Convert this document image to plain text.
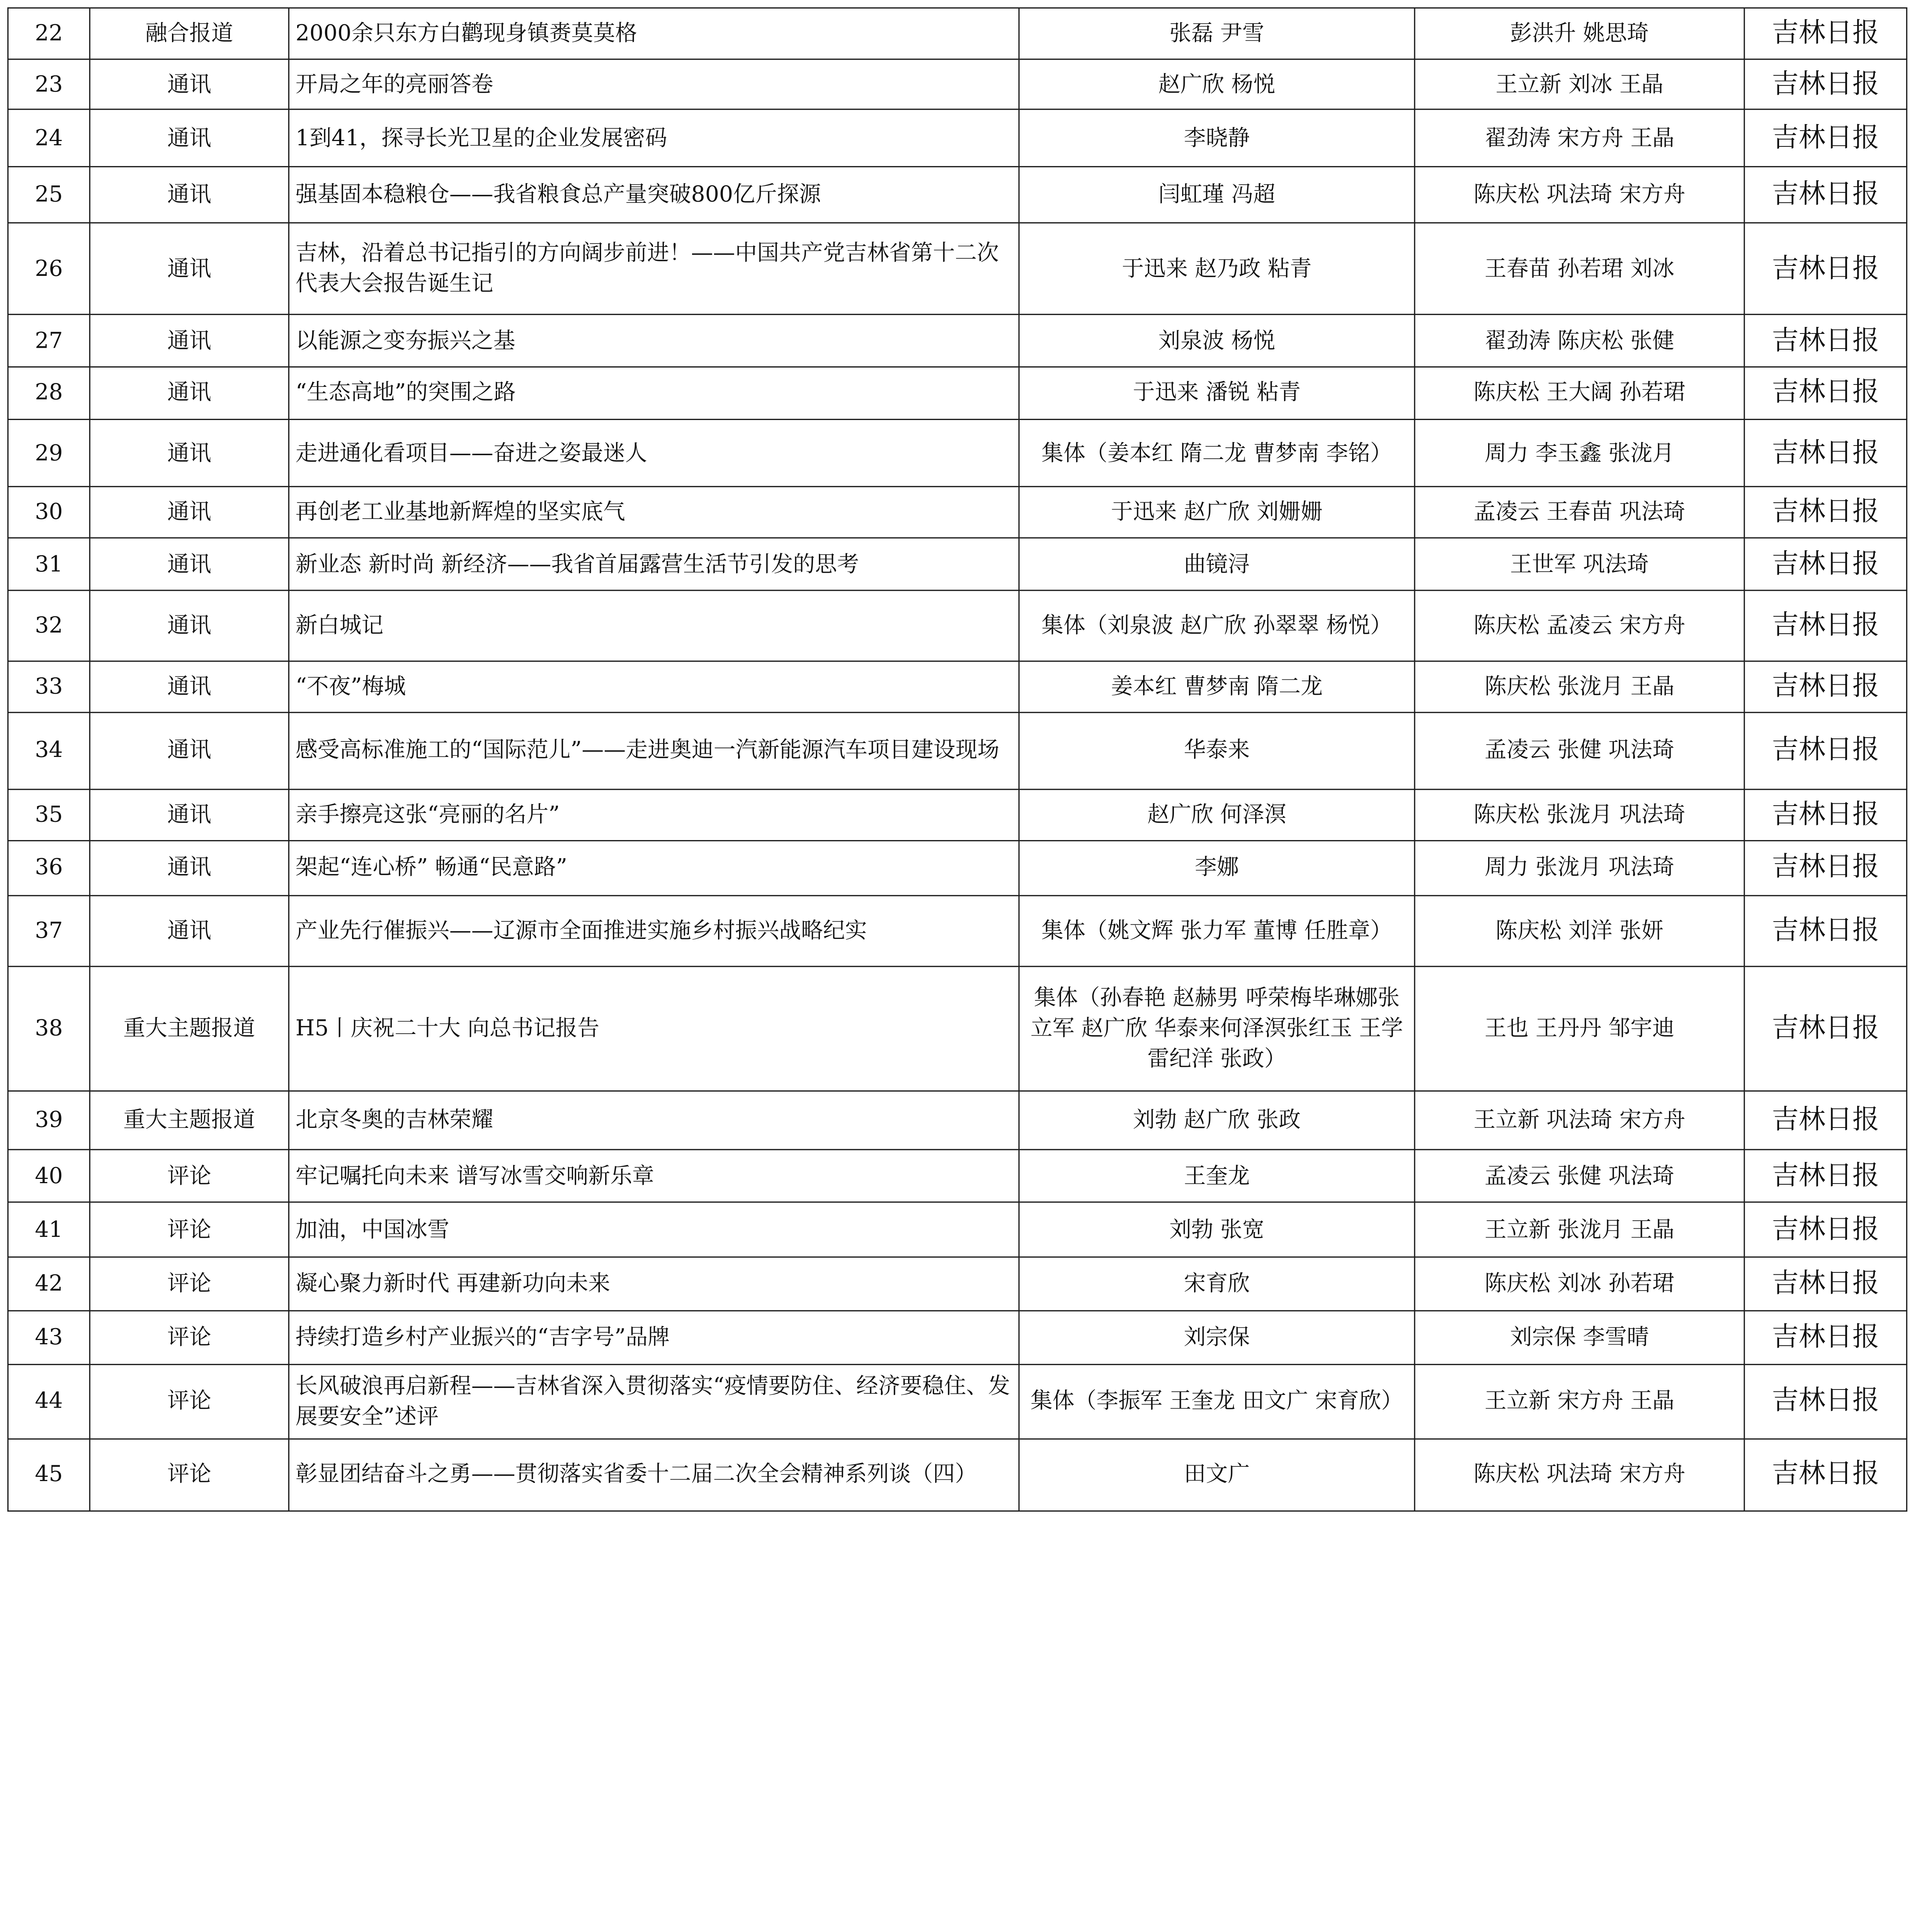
22	融合报道	2000余只东方白鹳现身镇赉莫莫格	张磊 尹雪	彭洪升 姚思琦	吉林日报
23	通讯	开局之年的亮丽答卷	赵广欣 杨悦	王立新 刘冰 王晶	吉林日报
24	通讯	1到41，探寻长光卫星的企业发展密码	李晓静	翟劲涛 宋方舟 王晶	吉林日报
25	通讯	强基固本稳粮仓——我省粮食总产量突破800亿斤探源	闫虹瑾 冯超	陈庆松 巩法琦 宋方舟	吉林日报
26	通讯	吉林，沿着总书记指引的方向阔步前进！——中国共产党吉林省第十二次代表大会报告诞生记	于迅来 赵乃政 粘青	王春苗 孙若珺 刘冰	吉林日报
27	通讯	以能源之变夯振兴之基	刘泉波 杨悦	翟劲涛 陈庆松 张健	吉林日报
28	通讯	“生态高地”的突围之路	于迅来 潘锐 粘青	陈庆松 王大阔 孙若珺	吉林日报
29	通讯	走进通化看项目——奋进之姿最迷人	集体（姜本红 隋二龙 曹梦南 李铭）	周力 李玉鑫 张泷月	吉林日报
30	通讯	再创老工业基地新辉煌的坚实底气	于迅来 赵广欣 刘姗姗	孟凌云 王春苗 巩法琦	吉林日报
31	通讯	新业态 新时尚 新经济——我省首届露营生活节引发的思考	曲镜浔	王世军 巩法琦	吉林日报
32	通讯	新白城记	集体（刘泉波 赵广欣 孙翠翠 杨悦）	陈庆松 孟凌云 宋方舟	吉林日报
33	通讯	“不夜”梅城	姜本红 曹梦南 隋二龙	陈庆松 张泷月 王晶	吉林日报
34	通讯	感受高标准施工的“国际范儿”——走进奥迪一汽新能源汽车项目建设现场	华泰来	孟凌云 张健 巩法琦	吉林日报
35	通讯	亲手擦亮这张“亮丽的名片”	赵广欣 何泽溟	陈庆松 张泷月 巩法琦	吉林日报
36	通讯	架起“连心桥” 畅通“民意路”	李娜	周力 张泷月 巩法琦	吉林日报
37	通讯	产业先行催振兴——辽源市全面推进实施乡村振兴战略纪实	集体（姚文辉 张力军 董博 任胜章）	陈庆松 刘洋 张妍	吉林日报
38	重大主题报道	H5丨庆祝二十大 向总书记报告	集体（孙春艳 赵赫男 呼荣梅毕琳娜张立军 赵广欣 华泰来何泽溟张红玉 王学雷纪洋 张政）	王也 王丹丹 邹宇迪	吉林日报
39	重大主题报道	北京冬奥的吉林荣耀	刘勃 赵广欣 张政	王立新 巩法琦 宋方舟	吉林日报
40	评论	牢记嘱托向未来 谱写冰雪交响新乐章	王奎龙	孟凌云 张健 巩法琦	吉林日报
41	评论	加油，中国冰雪	刘勃 张宽	王立新 张泷月 王晶	吉林日报
42	评论	凝心聚力新时代 再建新功向未来	宋育欣	陈庆松 刘冰 孙若珺	吉林日报
43	评论	持续打造乡村产业振兴的“吉字号”品牌	刘宗保	刘宗保 李雪晴	吉林日报
44	评论	长风破浪再启新程——吉林省深入贯彻落实“疫情要防住、经济要稳住、发展要安全”述评	集体（李振军 王奎龙 田文广 宋育欣）	王立新 宋方舟 王晶	吉林日报
45	评论	彰显团结奋斗之勇——贯彻落实省委十二届二次全会精神系列谈（四）	田文广	陈庆松 巩法琦 宋方舟	吉林日报
